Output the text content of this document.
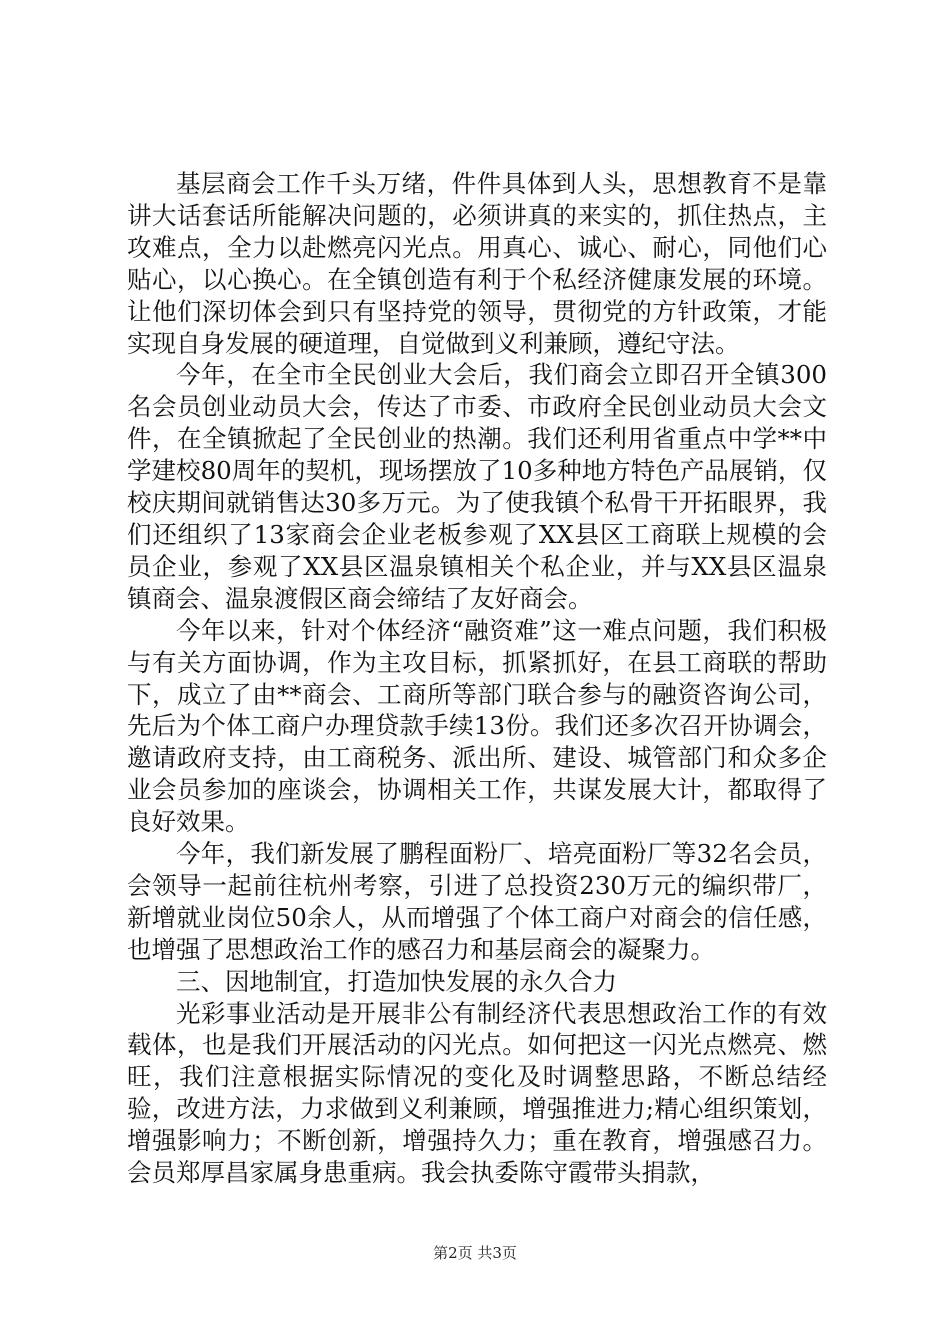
基层商会工作千头万绪，件件具体到人头，思想教育不是靠讲大话套话所能解决问题的，必须讲真的来实的，抓住热点，主攻难点，全力以赴燃亮闪光点。用真心、诚心、耐心，同他们心贴心，以心换心。在全镇创造有利于个私经济健康发展的环境。让他们深切体会到只有坚持党的领导，贯彻党的方针政策，才能实现自身发展的硬道理，自觉做到义利兼顾，遵纪守法。

今年，在全市全民创业大会后，我们商会立即召开全镇300名会员创业动员大会，传达了市委、市政府全民创业动员大会文件，在全镇掀起了全民创业的热潮。我们还利用省重点中学**中学建校80周年的契机，现场摆放了10多种地方特色产品展销，仅校庆期间就销售达30多万元。为了使我镇个私骨干开拓眼界，我们还组织了13家商会企业老板参观了XX县区工商联上规模的会员企业，参观了XX县区温泉镇相关个私企业，并与XX县区温泉镇商会、温泉渡假区商会缔结了友好商会。

今年以来，针对个体经济“融资难”这一难点问题，我们积极与有关方面协调，作为主攻目标，抓紧抓好，在县工商联的帮助下，成立了由**商会、工商所等部门联合参与的融资咨询公司，先后为个体工商户办理贷款手续13份。我们还多次召开协调会，邀请政府支持，由工商税务、派出所、建设、城管部门和众多企业会员参加的座谈会，协调相关工作，共谋发展大计，都取得了良好效果。

今年，我们新发展了鹏程面粉厂、培亮面粉厂等32名会员，会领导一起前往杭州考察，引进了总投资230万元的编织带厂，新增就业岗位50余人，从而增强了个体工商户对商会的信任感，也增强了思想政治工作的感召力和基层商会的凝聚力。

三、因地制宜，打造加快发展的永久合力

光彩事业活动是开展非公有制经济代表思想政治工作的有效载体，也是我们开展活动的闪光点。如何把这一闪光点燃亮、燃旺，我们注意根据实际情况的变化及时调整思路，不断总结经验，改进方法，力求做到义利兼顾，增强推进力;精心组织策划，增强影响力；不断创新，增强持久力；重在教育，增强感召力。会员郑厚昌家属身患重病。我会执委陈守霞带头捐款，

第2页 共3页
